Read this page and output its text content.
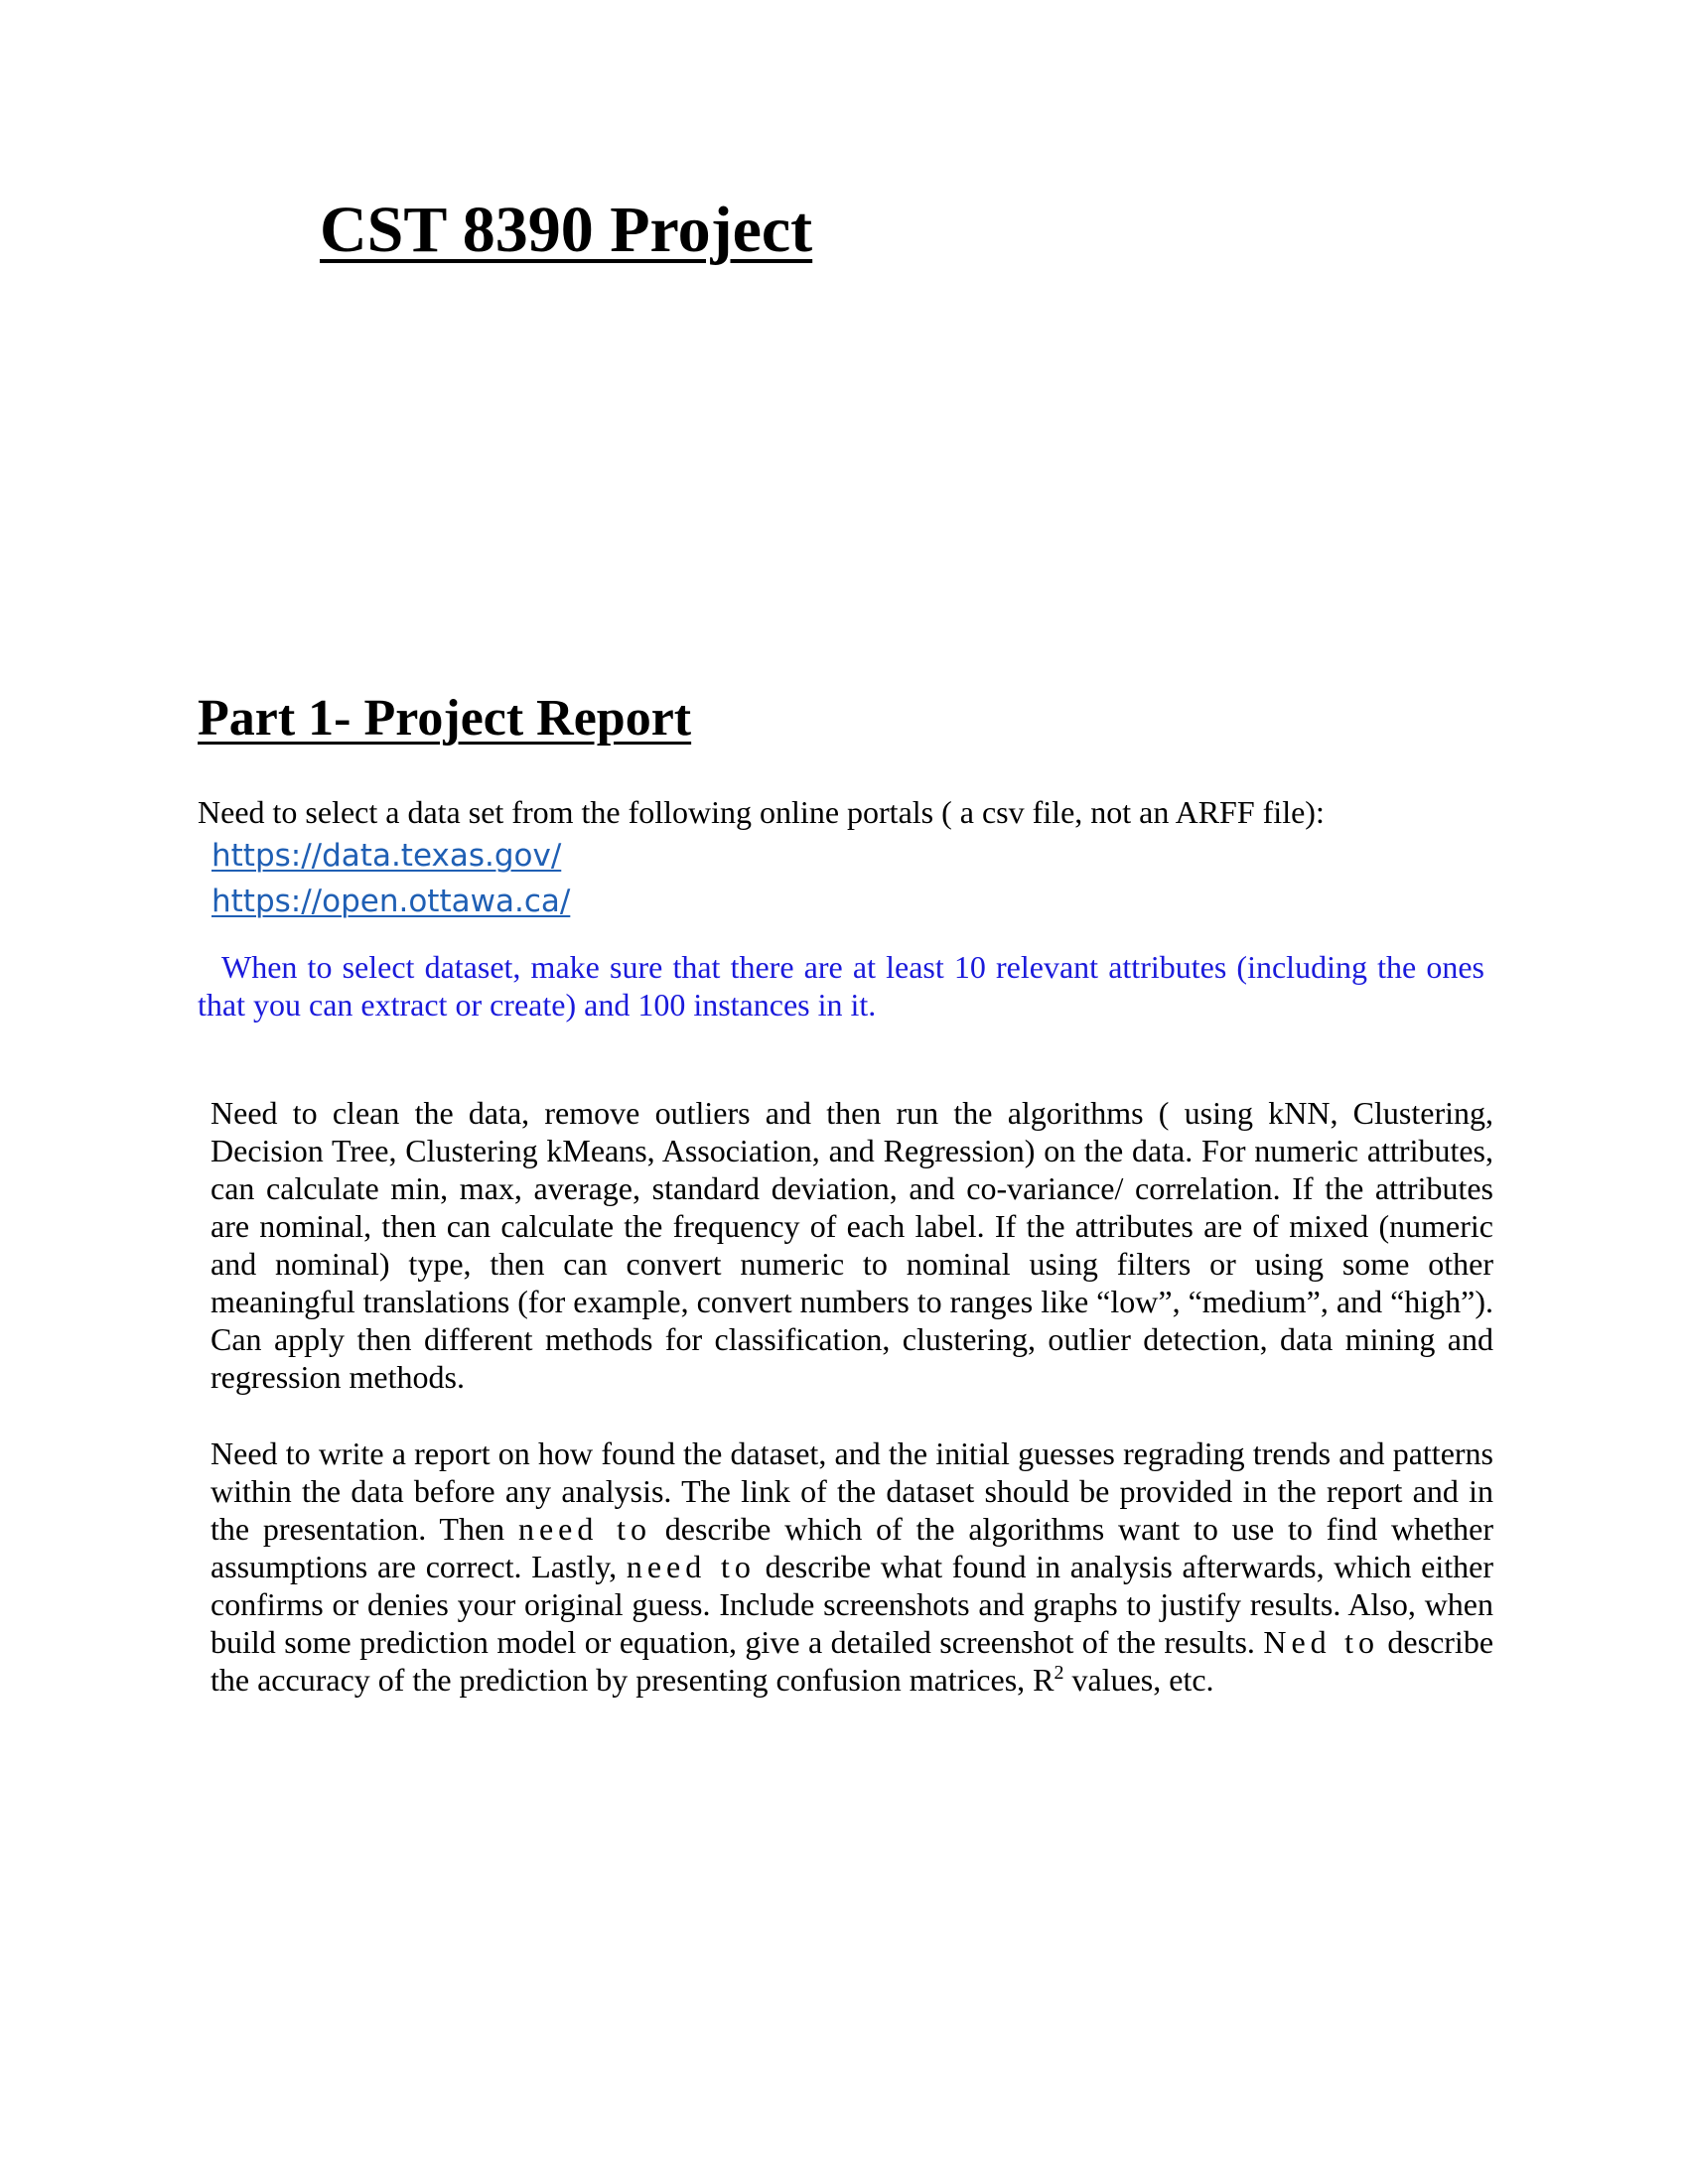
CST 8390 Project
Part 1- Project Report

Need to select a data set from the following online portals ( a csv file, not an ARFF file):

https://data.texas.gov/
https://open.ottawa.ca/

When to select dataset, make sure that there are at least 10 relevant attributes (including the ones that you can extract or create) and 100 instances in it.

Need to clean the data, remove outliers and then run the algorithms ( using kNN, Clustering, Decision Tree, Clustering kMeans, Association, and Regression) on the data. For numeric attributes, can calculate min, max, average, standard deviation, and co-variance/ correlation. If the attributes are nominal, then can calculate the frequency of each label. If the attributes are of mixed (numeric and nominal) type, then can convert numeric to nominal using filters or using some other meaningful translations (for example, convert numbers to ranges like “low”, “medium”, and “high”). Can apply then different methods for classification, clustering, outlier detection, data mining and regression methods.

Need to write a report on how found the dataset, and the initial guesses regrading trends and patterns within the data before any analysis. The link of the dataset should be provided in the report and in the presentation. Then need to describe which of the algorithms want to use to find whether assumptions are correct. Lastly, need to describe what found in analysis afterwards, which either confirms or denies your original guess. Include screenshots and graphs to justify results. Also, when build some prediction model or equation, give a detailed screenshot of the results. Ned to describe the accuracy of the prediction by presenting confusion matrices, $R^2$ values, etc.
